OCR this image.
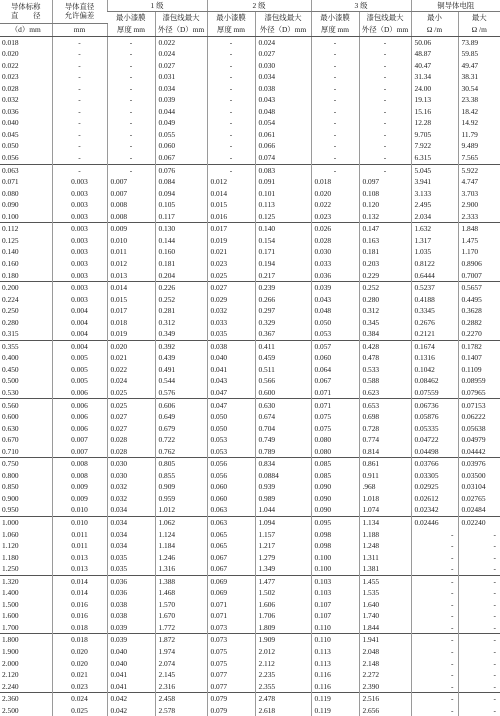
导体标称
直　　径	导体直径
允许偏差	1 级		2 级		3 级		铜导体电阻	
		最小漆膜	漆包线最大	最小漆膜	漆包线最大	最小漆膜	漆包线最大	最小	最大
（d）mm	mm	厚度 mm	外径（D）mm	厚度 mm	外径（D）mm	厚度 mm	外径（D）mm	Ω /m	Ω /m
0.018	-	-	0.022	-	0.024	-	-	50.06	73.89
0.020	-	-	0.024	-	0.027	-	-	48.87	59.85
0.022	-	-	0.027	-	0.030	-	-	40.47	49.47
0.023	-	-	0.031	-	0.034	-	-	31.34	38.31
0.028	-	-	0.034	-	0.038	-	-	24.00	30.54
0.032	-	-	0.039	-	0.043	-	-	19.13	23.38
0.036	-	-	0.044	-	0.048	-	-	15.16	18.42
0.040	-	-	0.049	-	0.054	-	-	12.28	14.92
0.045	-	-	0.055	-	0.061	-	-	9.705	11.79
0.050	-	-	0.060	-	0.066	-	-	7.922	9.489
0.056	-	-	0.067	-	0.074	-	-	6.315	7.565
0.063	-	-	0.076	-	0.083	-	-	5.045	5.922
0.071	0.003	0.007	0.084	0.012	0.091	0.018	0.097	3.941	4.747
0.080	0.003	0.007	0.094	0.014	0.101	0.020	0.108	3.133	3.703
0.090	0.003	0.008	0.105	0.015	0.113	0.022	0.120	2.495	2.900
0.100	0.003	0.008	0.117	0.016	0.125	0.023	0.132	2.034	2.333
0.112	0.003	0.009	0.130	0.017	0.140	0.026	0.147	1.632	1.848
0.125	0.003	0.010	0.144	0.019	0.154	0.028	0.163	1.317	1.475
0.140	0.003	0.011	0.160	0.021	0.171	0.030	0.181	1.035	1.170
0.160	0.003	0.012	0.181	0.023	0.194	0.033	0.203	0.8122	0.8906
0.180	0.003	0.013	0.204	0.025	0.217	0.036	0.229	0.6444	0.7007
0.200	0.003	0.014	0.226	0.027	0.239	0.039	0.252	0.5237	0.5657
0.224	0.003	0.015	0.252	0.029	0.266	0.043	0.280	0.4188	0.4495
0.250	0.004	0.017	0.281	0.032	0.297	0.048	0.312	0.3345	0.3628
0.280	0.004	0.018	0.312	0.033	0.329	0.050	0.345	0.2676	0.2882
0.315	0.004	0.019	0.349	0.035	0.367	0.053	0.384	0.2121	0.2270
0.355	0.004	0.020	0.392	0.038	0.411	0.057	0.428	0.1674	0.1782
0.400	0.005	0.021	0.439	0.040	0.459	0.060	0.478	0.1316	0.1407
0.450	0.005	0.022	0.491	0.041	0.511	0.064	0.533	0.1042	0.1109
0.500	0.005	0.024	0.544	0.043	0.566	0.067	0.588	0.08462	0.08959
0.530	0.006	0.025	0.576	0.047	0.600	0.071	0.623	0.07559	0.07965
0.560	0.006	0.025	0.606	0.047	0.630	0.071	0.653	0.06736	0.07153
0.600	0.006	0.027	0.649	0.050	0.674	0.075	0.698	0.05876	0.06222
0.630	0.006	0.027	0.679	0.050	0.704	0.075	0.728	0.05335	0.05638
0.670	0.007	0.028	0.722	0.053	0.749	0.080	0.774	0.04722	0.04979
0.710	0.007	0.028	0.762	0.053	0.789	0.080	0.814	0.04498	0.04442
0.750	0.008	0.030	0.805	0.056	0.834	0.085	0.861	0.03766	0.03976
0.800	0.008	0.030	0.855	0.056	0.0884	0.085	0.911	0.03305	0.03500
0.850	0.009	0.032	0.909	0.060	0.939	0.090	.968	0.02925	0.03104
0.900	0.009	0.032	0.959	0.060	0.989	0.090	1.018	0.02612	0.02765
0.950	0.010	0.034	1.012	0.063	1.044	0.090	1.074	0.02342	0.02484
1.000	0.010	0.034	1.062	0.063	1.094	0.095	1.134	0.02446	0.02240
1.060	0.011	0.034	1.124	0.065	1.157	0.098	1.188	-	-
1.120	0.011	0.034	1.184	0.065	1.217	0.098	1.248	-	-
1.180	0.013	0.035	1.246	0.067	1.279	0.100	1.311	-	-
1.250	0.013	0.035	1.316	0.067	1.349	0.100	1.381	-	-
1.320	0.014	0.036	1.388	0.069	1.477	0.103	1.455	-	-
1.400	0.014	0.036	1.468	0.069	1.502	0.103	1.535	-	-
1.500	0.016	0.038	1.570	0.071	1.606	0.107	1.640	-	-
1.600	0.016	0.038	1.670	0.071	1.706	0.107	1.740	-	-
1.700	0.018	0.039	1.772	0.073	1.809	0.110	1.844	-	-
1.800	0.018	0.039	1.872	0.073	1.909	0.110	1.941	-	-
1.900	0.020	0.040	1.974	0.075	2.012	0.113	2.048	-	-
2.000	0.020	0.040	2.074	0.075	2.112	0.113	2.148	-	-
2.120	0.021	0.041	2.145	0.077	2.235	0.116	2.272	-	-
2.240	0.023	0.041	2.316	0.077	2.355	0.116	2.390	-	-
2.360	0.024	0.042	2.458	0.079	2.478	0.119	2.516	-	-
2.500	0.025	0.042	2.578	0.079	2.618	0.119	2.656	-	-
